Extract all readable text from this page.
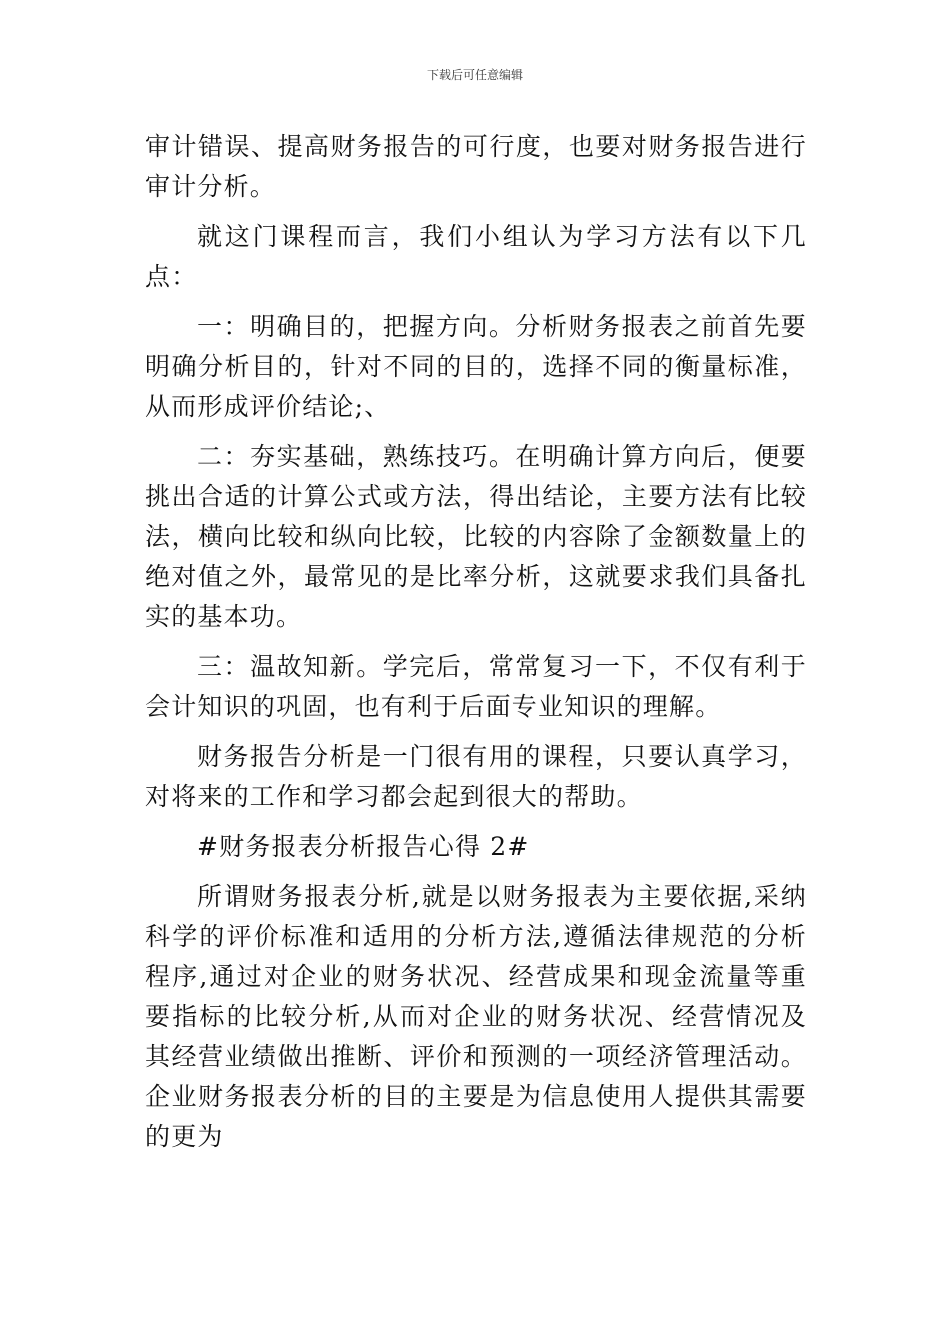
下载后可任意编辑

审计错误、提高财务报告的可行度，也要对财务报告进行审计分析。

就这门课程而言，我们小组认为学习方法有以下几点：

一：明确目的，把握方向。分析财务报表之前首先要明确分析目的，针对不同的目的，选择不同的衡量标准，从而形成评价结论;、

二：夯实基础，熟练技巧。在明确计算方向后，便要挑出合适的计算公式或方法，得出结论，主要方法有比较法，横向比较和纵向比较，比较的内容除了金额数量上的绝对值之外，最常见的是比率分析，这就要求我们具备扎实的基本功。

三：温故知新。学完后，常常复习一下，不仅有利于会计知识的巩固，也有利于后面专业知识的理解。

财务报告分析是一门很有用的课程，只要认真学习，对将来的工作和学习都会起到很大的帮助。

#财务报表分析报告心得 2#

所谓财务报表分析,就是以财务报表为主要依据,采纳科学的评价标准和适用的分析方法,遵循法律规范的分析程序,通过对企业的财务状况、经营成果和现金流量等重要指标的比较分析,从而对企业的财务状况、经营情况及其经营业绩做出推断、评价和预测的一项经济管理活动。企业财务报表分析的目的主要是为信息使用人提供其需要的更为
